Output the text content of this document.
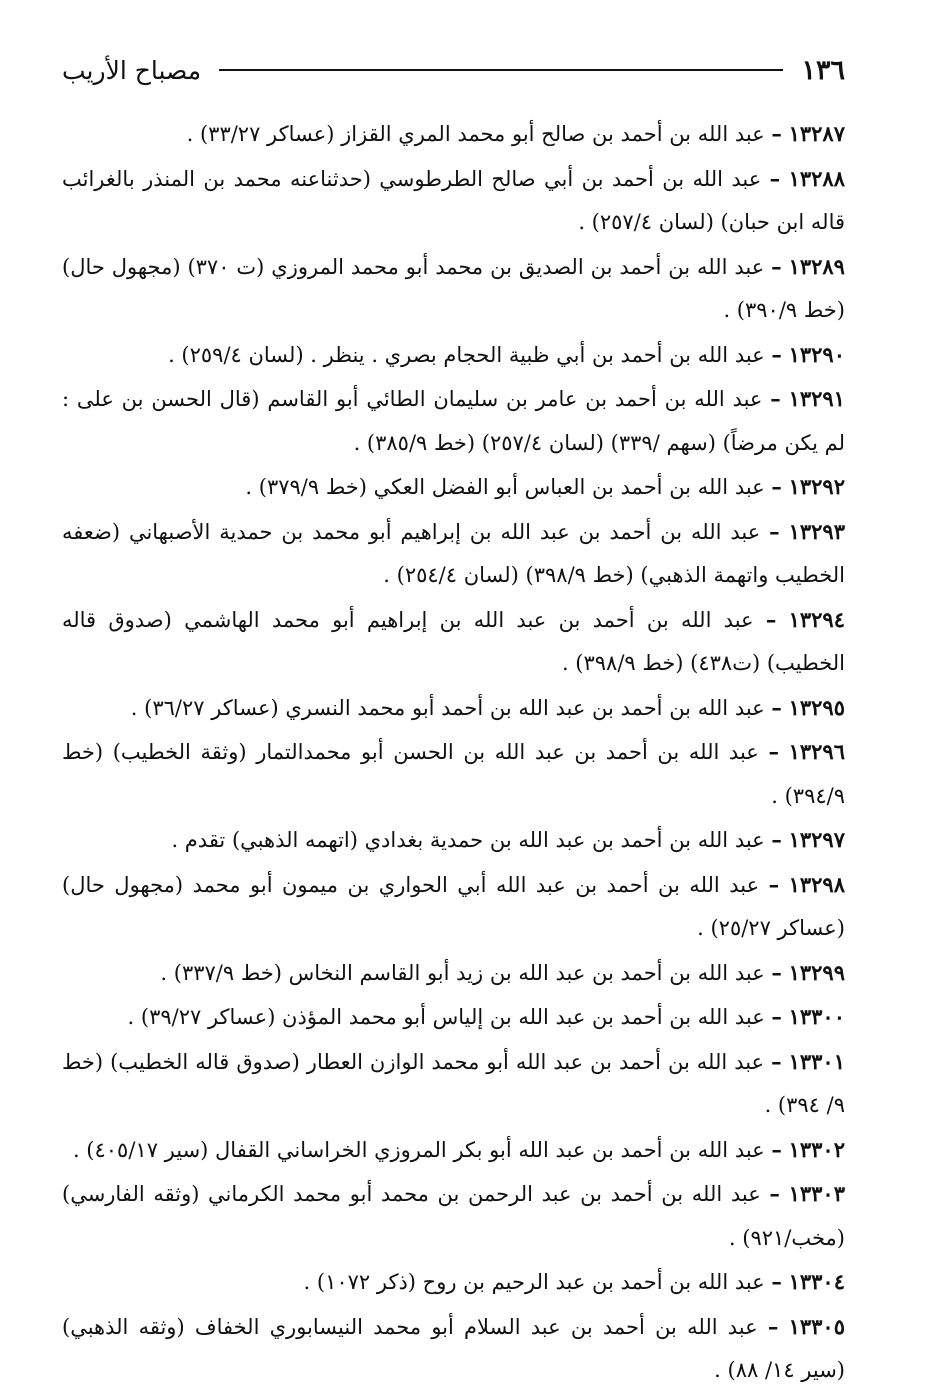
١٣٦
مصباح الأريب

١٣٢٨٧ – عبد الله بن أحمد بن صالح أبو محمد المري القزاز (عساكر ٣٣/٢٧) .

١٣٢٨٨ – عبد الله بن أحمد بن أبي صالح الطرطوسي (حدثناعنه محمد بن المنذر بالغرائب قاله ابن حبان) (لسان ٢٥٧/٤) .

١٣٢٨٩ – عبد الله بن أحمد بن الصديق بن محمد أبو محمد المروزي (ت ٣٧٠) (مجهول حال) (خط ٣٩٠/٩) .

١٣٢٩٠ – عبد الله بن أحمد بن أبي ظبية الحجام بصري . ينظر . (لسان ٢٥٩/٤) .

١٣٢٩١ – عبد الله بن أحمد بن عامر بن سليمان الطائي أبو القاسم (قال الحسن بن على : لم يكن مرضاً) (سهم /٣٣٩) (لسان ٢٥٧/٤) (خط ٣٨٥/٩) .

١٣٢٩٢ – عبد الله بن أحمد بن العباس أبو الفضل العكي (خط ٣٧٩/٩) .

١٣٢٩٣ – عبد الله بن أحمد بن عبد الله بن إبراهيم أبو محمد بن حمدية الأصبهاني (ضعفه الخطيب واتهمة الذهبي) (خط ٣٩٨/٩) (لسان ٢٥٤/٤) .

١٣٢٩٤ – عبد الله بن أحمد بن عبد الله بن إبراهيم أبو محمد الهاشمي (صدوق قاله الخطيب) (ت٤٣٨) (خط ٣٩٨/٩) .

١٣٢٩٥ – عبد الله بن أحمد بن عبد الله بن أحمد أبو محمد النسري (عساكر ٣٦/٢٧) .

١٣٢٩٦ – عبد الله بن أحمد بن عبد الله بن الحسن أبو محمدالتمار (وثقة الخطيب) (خط ٣٩٤/٩) .

١٣٢٩٧ – عبد الله بن أحمد بن عبد الله بن حمدية بغدادي (اتهمه الذهبي) تقدم .

١٣٢٩٨ – عبد الله بن أحمد بن عبد الله أبي الحواري بن ميمون أبو محمد (مجهول حال) (عساكر ٢٥/٢٧) .

١٣٢٩٩ – عبد الله بن أحمد بن عبد الله بن زيد أبو القاسم النخاس (خط ٣٣٧/٩) .

١٣٣٠٠ – عبد الله بن أحمد بن عبد الله بن إلياس أبو محمد المؤذن (عساكر ٣٩/٢٧) .

١٣٣٠١ – عبد الله بن أحمد بن عبد الله أبو محمد الوازن العطار (صدوق قاله الخطيب) (خط ٩/ ٣٩٤) .

١٣٣٠٢ – عبد الله بن أحمد بن عبد الله أبو بكر المروزي الخراساني القفال (سير ٤٠٥/١٧) .

١٣٣٠٣ – عبد الله بن أحمد بن عبد الرحمن بن محمد أبو محمد الكرماني (وثقه الفارسي) (مخب/٩٢١) .

١٣٣٠٤ – عبد الله بن أحمد بن عبد الرحيم بن روح (ذكر ١٠٧٢) .

١٣٣٠٥ – عبد الله بن أحمد بن عبد السلام أبو محمد النيسابوري الخفاف (وثقه الذهبي) (سير ١٤/ ٨٨) .
